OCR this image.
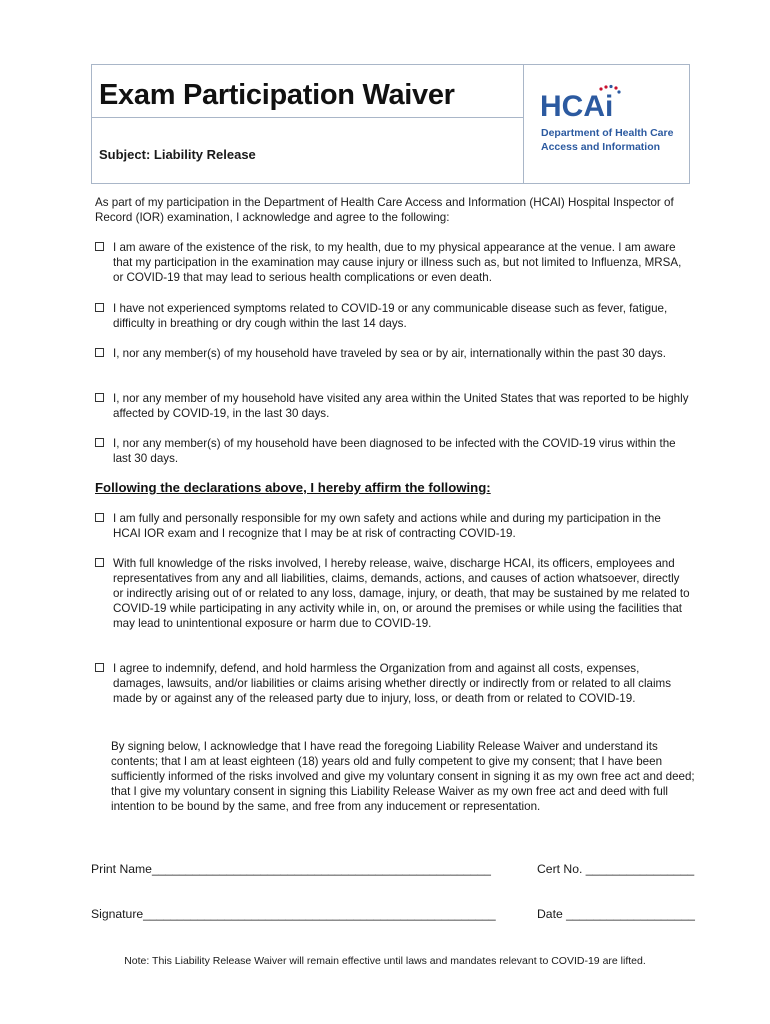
Exam Participation Waiver
Subject: Liability Release
HCAi
Department of Health Care
Access and Information
As part of my participation in the Department of Health Care Access and Information (HCAI) Hospital Inspector of Record (IOR) examination, I acknowledge and agree to the following:
I am aware of the existence of the risk, to my health, due to my physical appearance at the venue. I am aware that my participation in the examination may cause injury or illness such as, but not limited to Influenza, MRSA, or COVID-19 that may lead to serious health complications or even death.
I have not experienced symptoms related to COVID-19 or any communicable disease such as fever, fatigue, difficulty in breathing or dry cough within the last 14 days.
I, nor any member(s) of my household have traveled by sea or by air, internationally within the past 30 days.
I, nor any member of my household have visited any area within the United States that was reported to be highly affected by COVID-19, in the last 30 days.
I, nor any member(s) of my household have been diagnosed to be infected with the COVID-19 virus within the last 30 days.
Following the declarations above, I hereby affirm the following:
I am fully and personally responsible for my own safety and actions while and during my participation in the HCAI IOR exam and I recognize that I may be at risk of contracting COVID-19.
With full knowledge of the risks involved, I hereby release, waive, discharge HCAI, its officers, employees and representatives from any and all liabilities, claims, demands, actions, and causes of action whatsoever, directly or indirectly arising out of or related to any loss, damage, injury, or death, that may be sustained by me related to COVID-19 while participating in any activity while in, on, or around the premises or while using the facilities that may lead to unintentional exposure or harm due to COVID-19.
I agree to indemnify, defend, and hold harmless the Organization from and against all costs, expenses, damages, lawsuits, and/or liabilities or claims arising whether directly or indirectly from or related to all claims made by or against any of the released party due to injury, loss, or death from or related to COVID-19.
By signing below, I acknowledge that I have read the foregoing Liability Release Waiver and understand its contents; that I am at least eighteen (18) years old and fully competent to give my consent; that I have been sufficiently informed of the risks involved and give my voluntary consent in signing it as my own free act and deed; that I give my voluntary consent in signing this Liability Release Waiver as my own free act and deed with full intention to be bound by the same, and free from any inducement or representation.
Print Name__________________________________________________	Cert No. ________________
Signature____________________________________________________	Date ___________________
Note: This Liability Release Waiver will remain effective until laws and mandates relevant to COVID-19 are lifted.
